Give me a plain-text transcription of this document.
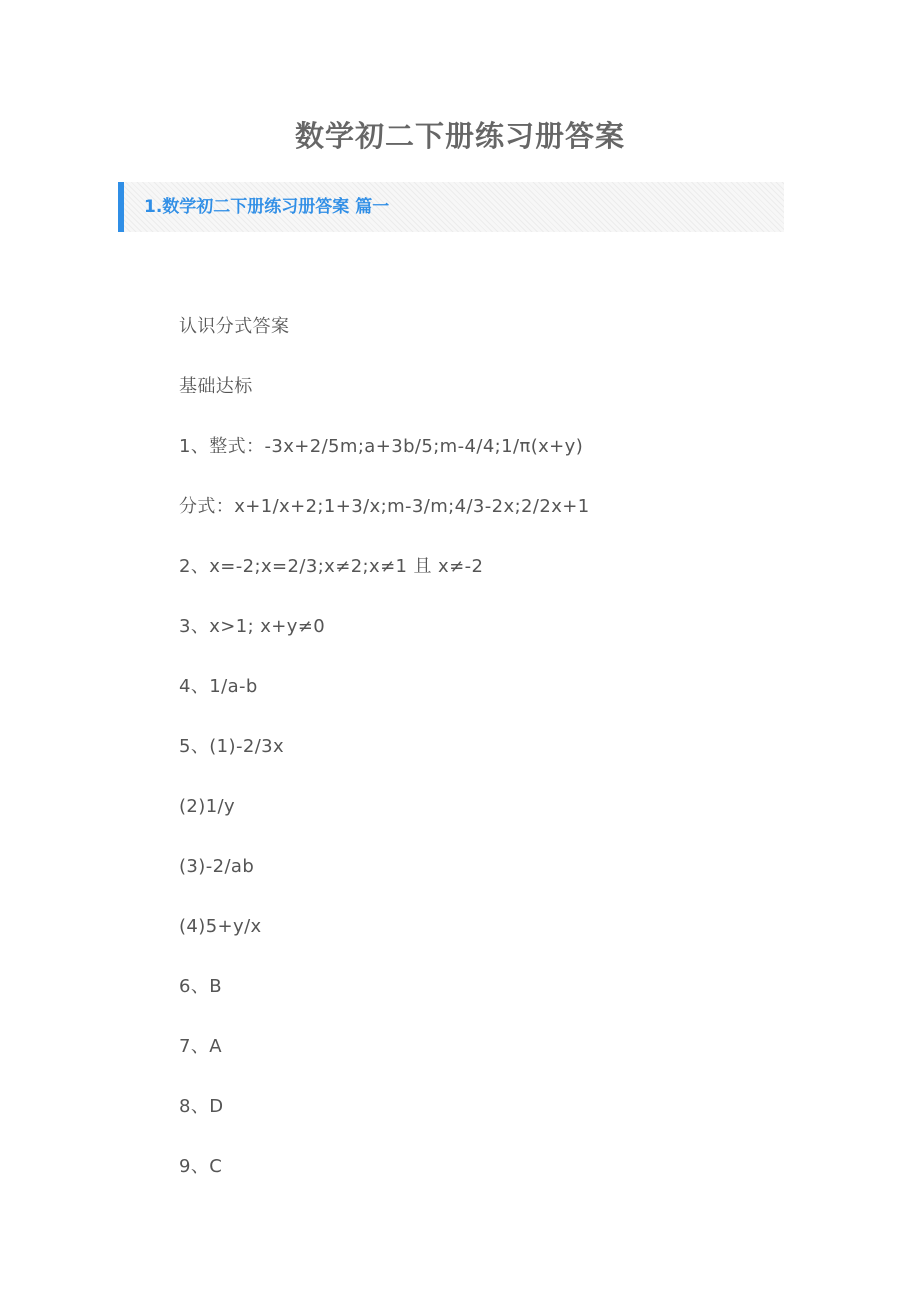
数学初二下册练习册答案
1.数学初二下册练习册答案 篇一
认识分式答案
基础达标
1、整式：-3x+2/5m;a+3b/5;m-4/4;1/π(x+y)
分式：x+1/x+2;1+3/x;m-3/m;4/3-2x;2/2x+1
2、x=-2;x=2/3;x≠2;x≠1 且 x≠-2
3、x>1; x+y≠0
4、1/a-b
5、(1)-2/3x
(2)1/y
(3)-2/ab
(4)5+y/x
6、B
7、A
8、D
9、C
